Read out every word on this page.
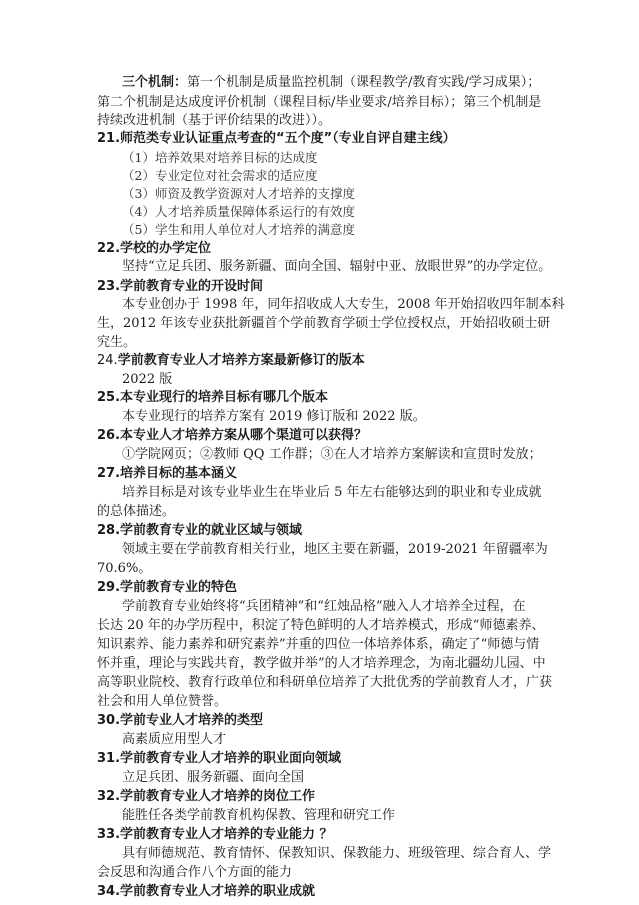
三个机制：第一个机制是质量监控机制（课程教学/教育实践/学习成果）；
第二个机制是达成度评价机制（课程目标/毕业要求/培养目标）；第三个机制是
持续改进机制（基于评价结果的改进））。
21.师范类专业认证重点考查的“五个度”（专业自评自建主线）
（1）培养效果对培养目标的达成度
（2）专业定位对社会需求的适应度
（3）师资及教学资源对人才培养的支撑度
（4）人才培养质量保障体系运行的有效度
（5）学生和用人单位对人才培养的满意度
22.学校的办学定位
坚持“立足兵团、服务新疆、面向全国、辐射中亚、放眼世界”的办学定位。
23.学前教育专业的开设时间
本专业创办于 1998 年，同年招收成人大专生，2008 年开始招收四年制本科
生，2012 年该专业获批新疆首个学前教育学硕士学位授权点，开始招收硕士研
究生。
24.学前教育专业人才培养方案最新修订的版本
2022 版
25.本专业现行的培养目标有哪几个版本
本专业现行的培养方案有 2019 修订版和 2022 版。
26.本专业人才培养方案从哪个渠道可以获得？
①学院网页；②教师 QQ 工作群；③在人才培养方案解读和宣贯时发放；
27.培养目标的基本涵义
培养目标是对该专业毕业生在毕业后 5 年左右能够达到的职业和专业成就
的总体描述。
28.学前教育专业的就业区域与领域
领域主要在学前教育相关行业，地区主要在新疆，2019-2021 年留疆率为
70.6%。
29.学前教育专业的特色
学前教育专业始终将“兵团精神”和“红烛品格”融入人才培养全过程，在
长达 20 年的办学历程中，积淀了特色鲜明的人才培养模式，形成“师德素养、
知识素养、能力素养和研究素养”并重的四位一体培养体系，确定了“师德与情
怀并重，理论与实践共育，教学做并举”的人才培养理念，为南北疆幼儿园、中
高等职业院校、教育行政单位和科研单位培养了大批优秀的学前教育人才，广获
社会和用人单位赞誉。
30.学前专业人才培养的类型
高素质应用型人才
31.学前教育专业人才培养的职业面向领域
立足兵团、服务新疆、面向全国
32.学前教育专业人才培养的岗位工作
能胜任各类学前教育机构保教、管理和研究工作
33.学前教育专业人才培养的专业能力 ？
具有师德规范、教育情怀、保教知识、保教能力、班级管理、综合育人、学
会反思和沟通合作八个方面的能力
34.学前教育专业人才培养的职业成就
